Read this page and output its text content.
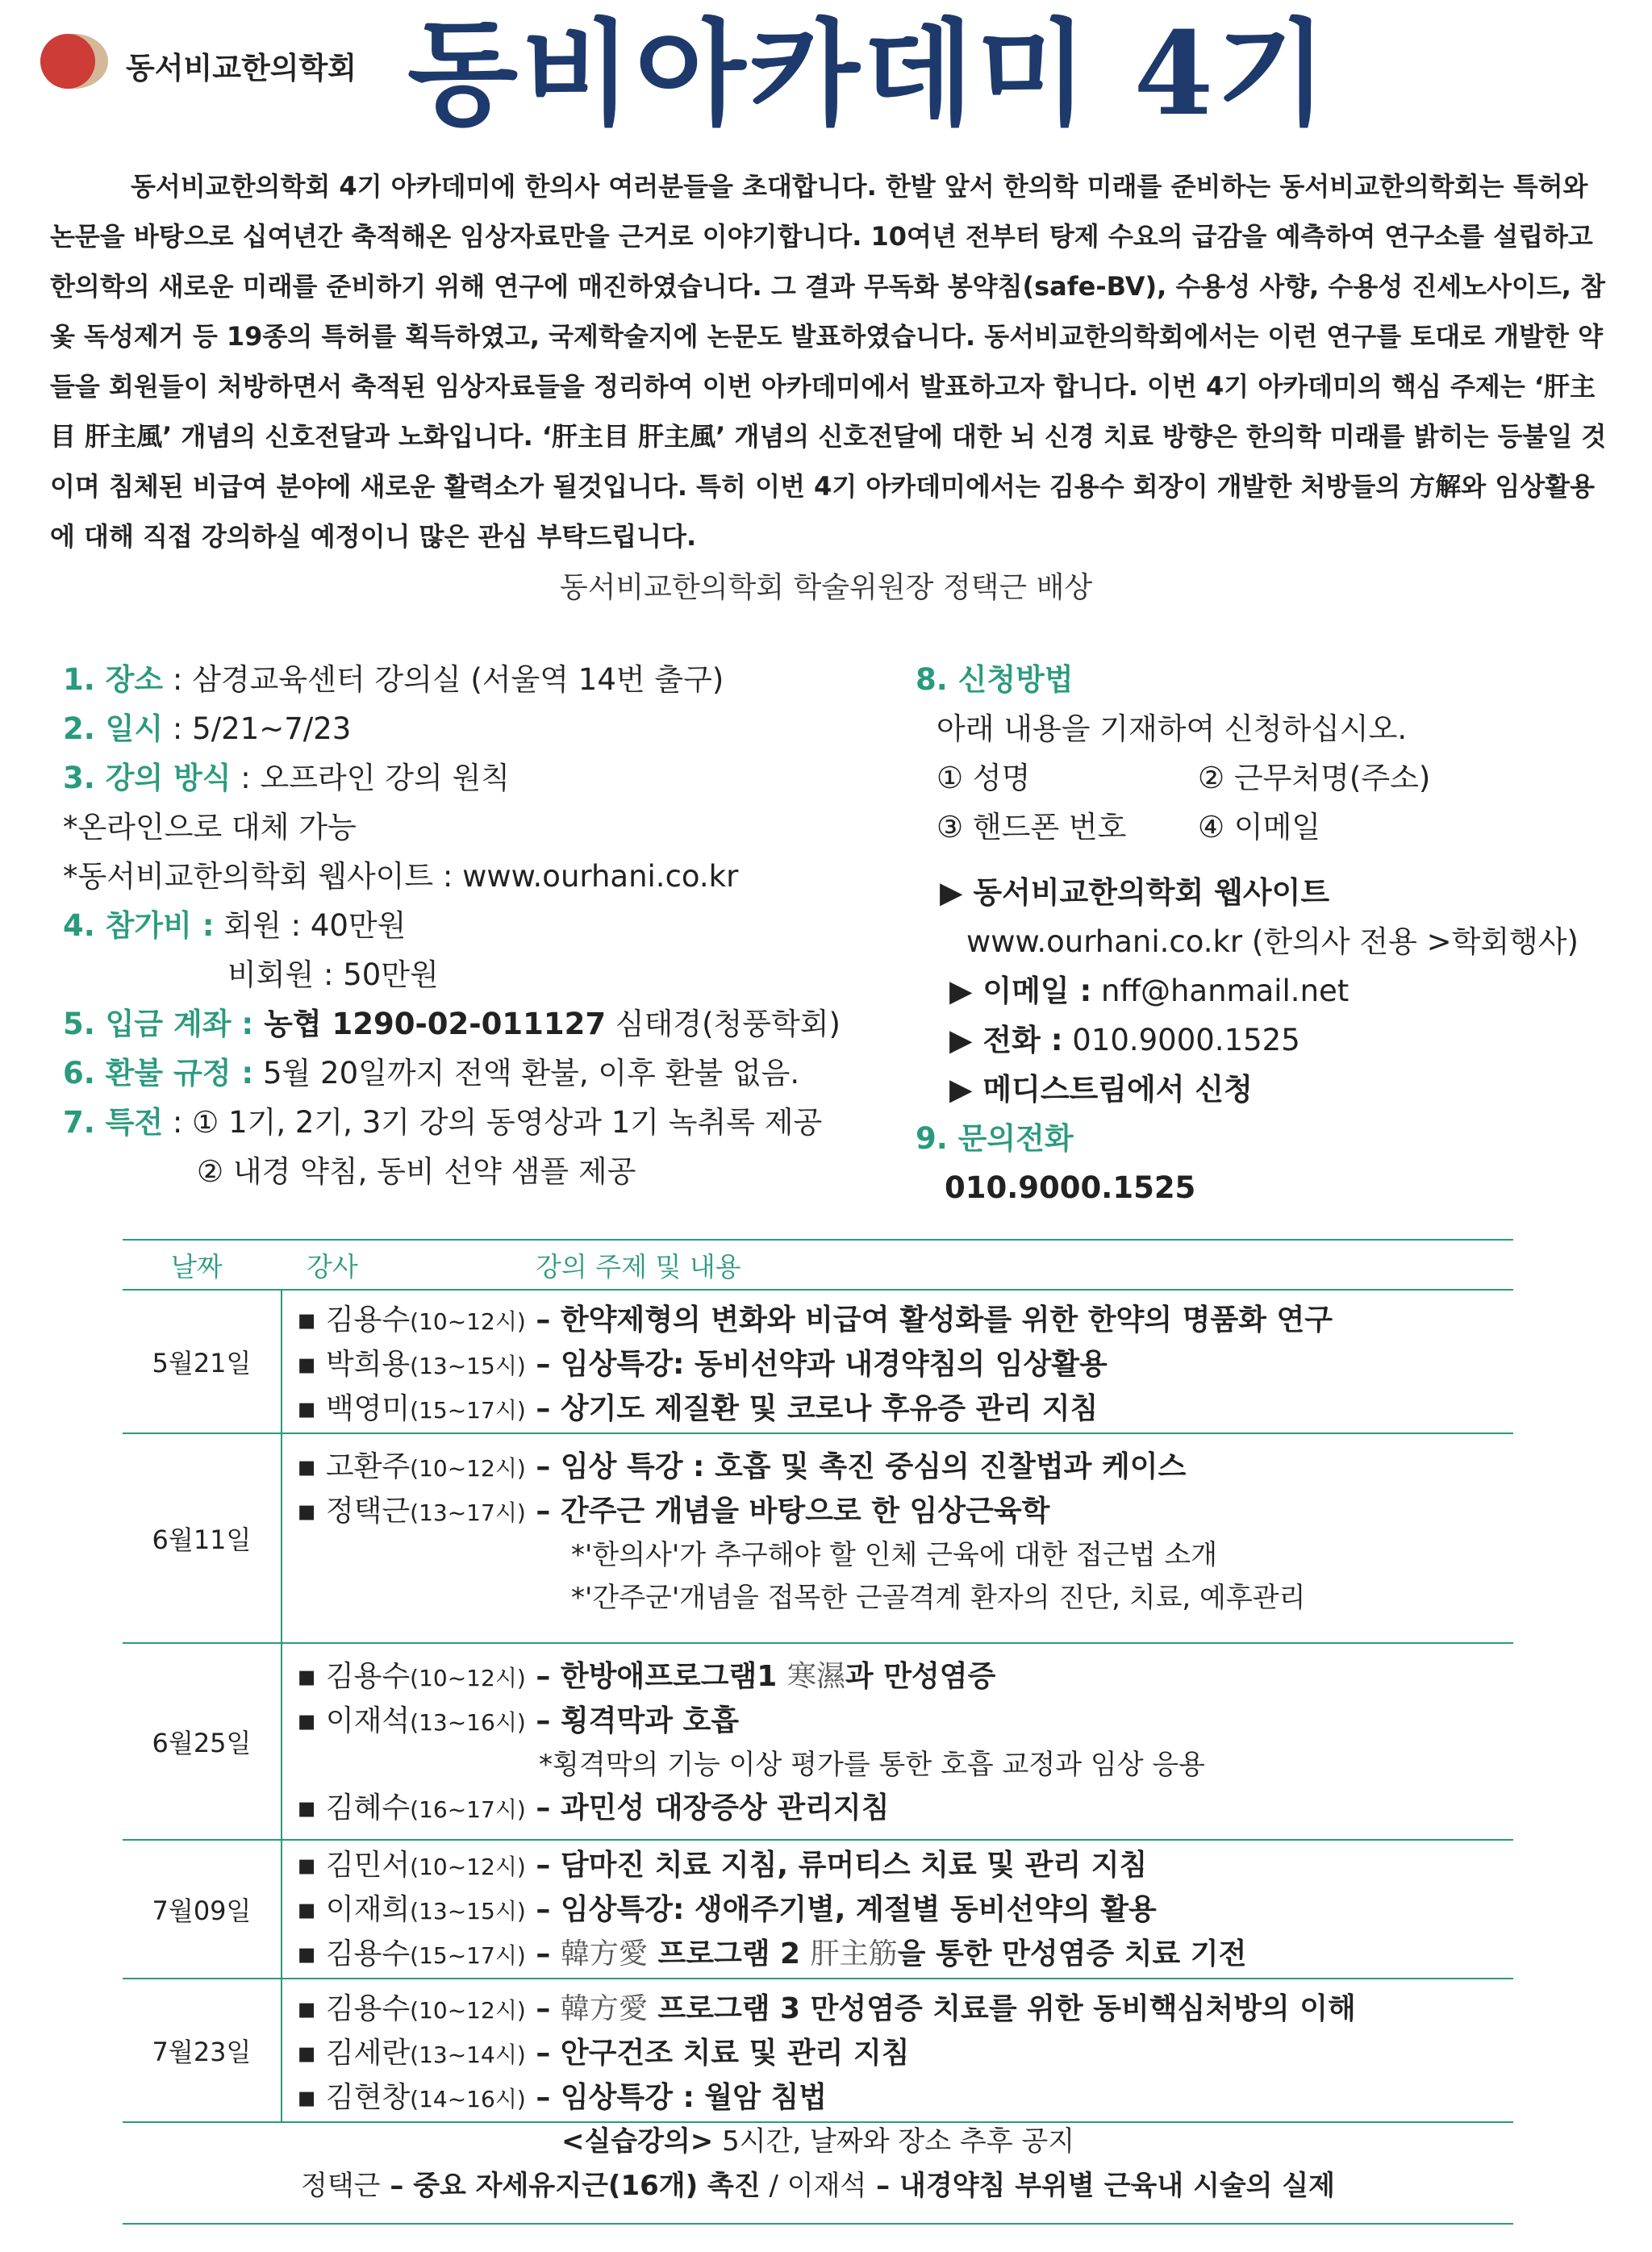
동서비교한의학회 동비아카데미 4기

동서비교한의학회 4기 아카데미에 한의사 여러분들을 초대합니다. 한발 앞서 한의학 미래를 준비하는 동서비교한의학회는 특허와 논문을 바탕으로 십여년간 축적해온 임상자료만을 근거로 이야기합니다. 10여년 전부터 탕제 수요의 급감을 예측하여 연구소를 설립하고 한의학의 새로운 미래를 준비하기 위해 연구에 매진하였습니다. 그 결과 무독화 봉약침(safe-BV), 수용성 사향, 수용성 진세노사이드, 참옻 독성제거 등 19종의 특허를 획득하였고, 국제학술지에 논문도 발표하였습니다. 동서비교한의학회에서는 이런 연구를 토대로 개발한 약들을 회원들이 처방하면서 축적된 임상자료들을 정리하여 이번 아카데미에서 발표하고자 합니다. 이번 4기 아카데미의 핵심 주제는 ‘肝主目 肝主風’ 개념의 신호전달과 노화입니다. ‘肝主目 肝主風’ 개념의 신호전달에 대한 뇌 신경 치료 방향은 한의학 미래를 밝히는 등불일 것이며 침체된 비급여 분야에 새로운 활력소가 될것입니다. 특히 이번 4기 아카데미에서는 김용수 회장이 개발한 처방들의 方解와 임상활용에 대해 직접 강의하실 예정이니 많은 관심 부탁드립니다.

동서비교한의학회 학술위원장 정택근 배상
1. 장소 : 삼경교육센터 강의실 (서울역 14번 출구)
2. 일시 : 5/21~7/23
3. 강의 방식 : 오프라인 강의 원칙
*온라인으로 대체 가능
*동서비교한의학회 웹사이트 : www.ourhani.co.kr
4. 참가비 : 회원 : 40만원
비회원 : 50만원
5. 입금 계좌 : 농협 1290-02-011127 심태경(청풍학회)
6. 환불 규정 : 5월 20일까지 전액 환불, 이후 환불 없음.
7. 특전 : ① 1기, 2기, 3기 강의 동영상과 1기 녹취록 제공
② 내경 약침, 동비 선약 샘플 제공
8. 신청방법
아래 내용을 기재하여 신청하십시오.
① 성명	② 근무처명(주소)
③ 핸드폰 번호	④ 이메일
▶ 동서비교한의학회 웹사이트
www.ourhani.co.kr (한의사 전용 >학회행사)
▶ 이메일 : nff@hanmail.net
▶ 전화 : 010.9000.1525
▶ 메디스트림에서 신청
9. 문의전화
010.9000.1525
날짜	강사	강의 주제 및 내용
5월21일
▪ 김용수(10~12시) – 한약제형의 변화와 비급여 활성화를 위한 한약의 명품화 연구
▪ 박희용(13~15시) – 임상특강: 동비선약과 내경약침의 임상활용
▪ 백영미(15~17시) – 상기도 제질환 및 코로나 후유증 관리 지침
6월11일
▪ 고환주(10~12시) – 임상 특강 : 호흡 및 촉진 중심의 진찰법과 케이스
▪ 정택근(13~17시) – 간주근 개념을 바탕으로 한 임상근육학
*'한의사'가 추구해야 할 인체 근육에 대한 접근법 소개
*'간주군'개념을 접목한 근골격계 환자의 진단, 치료, 예후관리
6월25일
▪ 김용수(10~12시) – 한방애프로그램1 寒濕과 만성염증
▪ 이재석(13~16시) – 횡격막과 호흡
*횡격막의 기능 이상 평가를 통한 호흡 교정과 임상 응용
▪ 김혜수(16~17시) – 과민성 대장증상 관리지침
7월09일
▪ 김민서(10~12시) – 담마진 치료 지침, 류머티스 치료 및 관리 지침
▪ 이재희(13~15시) – 임상특강: 생애주기별, 계절별 동비선약의 활용
▪ 김용수(15~17시) – 韓方愛 프로그램 2 肝主筋을 통한 만성염증 치료 기전
7월23일
▪ 김용수(10~12시) – 韓方愛 프로그램 3 만성염증 치료를 위한 동비핵심처방의 이해
▪ 김세란(13~14시) – 안구건조 치료 및 관리 지침
▪ 김현창(14~16시) – 임상특강 : 월암 침법
<실습강의> 5시간, 날짜와 장소 추후 공지
정택근 – 중요 자세유지근(16개) 촉진 / 이재석 – 내경약침 부위별 근육내 시술의 실제
